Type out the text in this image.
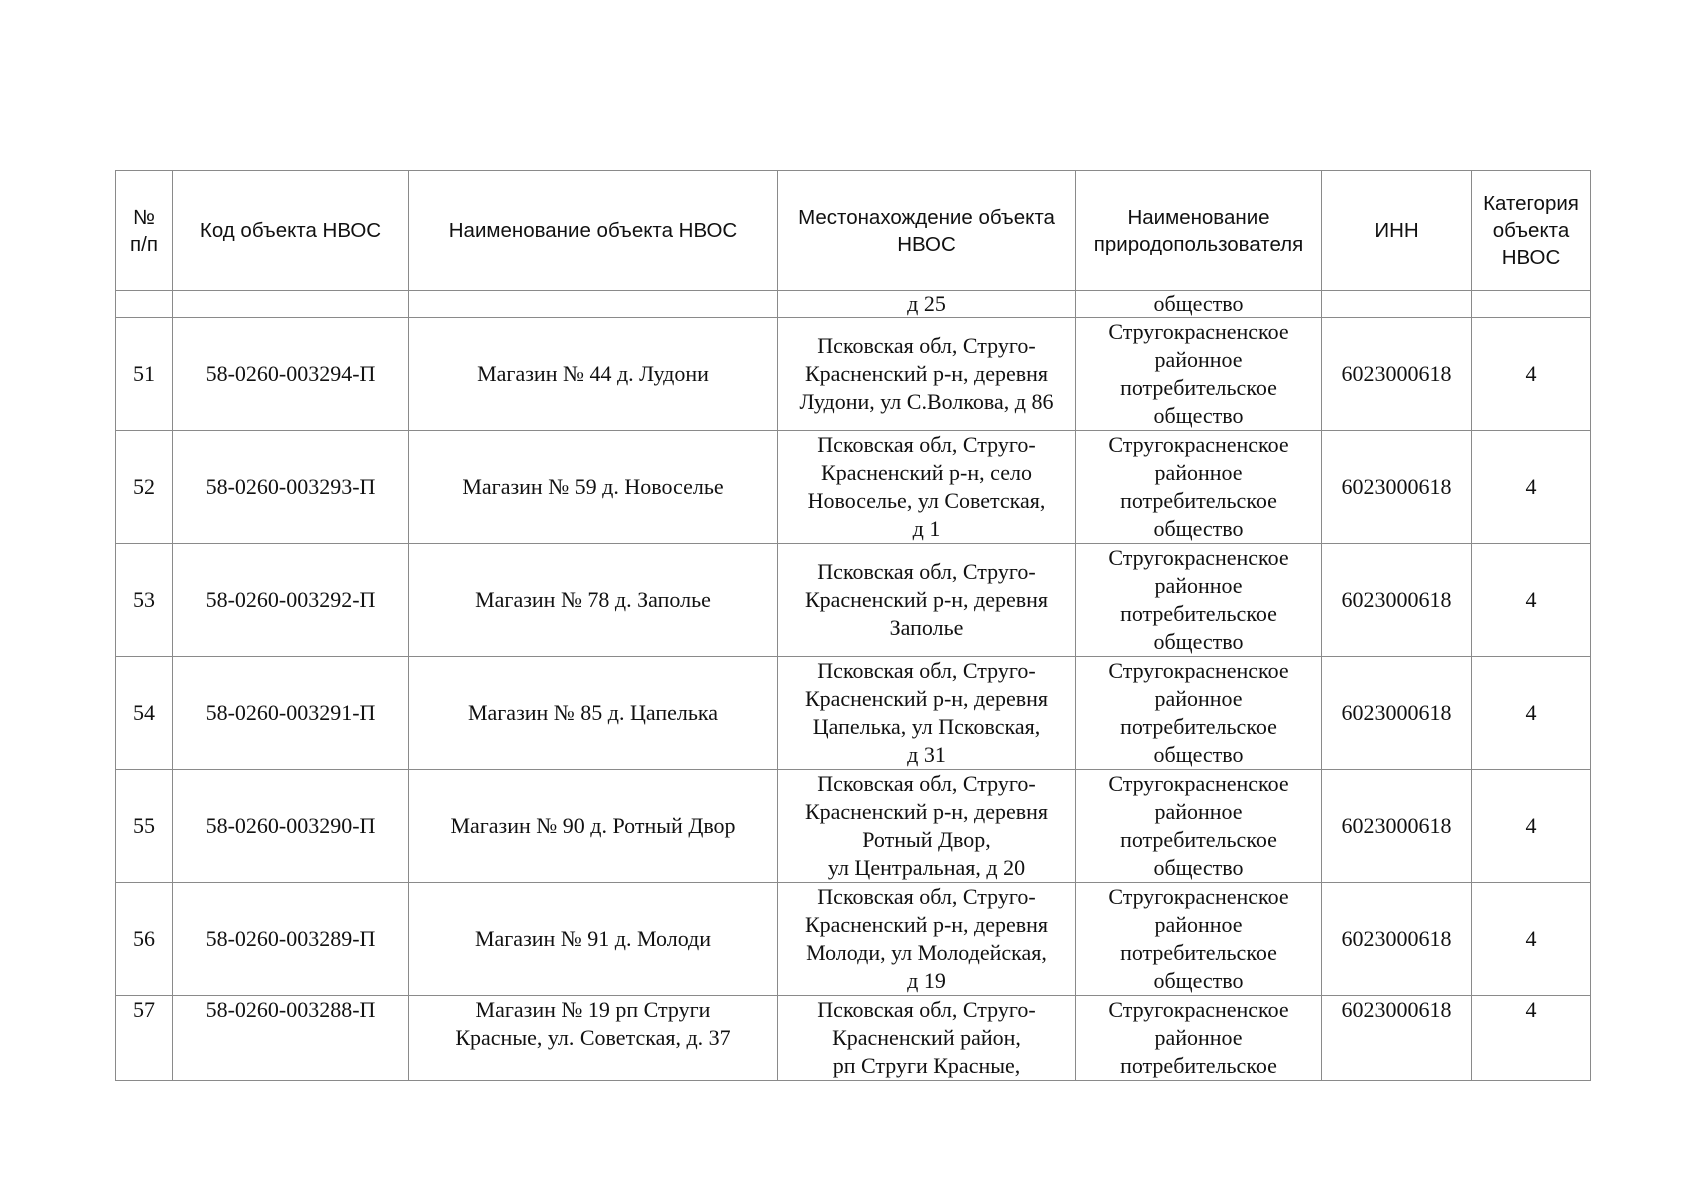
№
п/п	Код объекта НВОС	Наименование объекта НВОС	Местонахождение объекта
НВОС	Наименование
природопользователя	ИНН	Категория
объекта
НВОС

			д 25	общество		

51	58-0260-003294-П	Магазин № 44 д. Лудони	Псковская обл, Струго-
Красненский р-н, деревня
Лудони, ул С.Волкова, д 86	Стругокрасненское
районное
потребительское
общество	6023000618	4

52	58-0260-003293-П	Магазин № 59 д. Новоселье	Псковская обл, Струго-
Красненский р-н, село
Новоселье, ул Советская,
д 1	Стругокрасненское
районное
потребительское
общество	6023000618	4

53	58-0260-003292-П	Магазин № 78 д. Заполье	Псковская обл, Струго-
Красненский р-н, деревня
Заполье	Стругокрасненское
районное
потребительское
общество	6023000618	4

54	58-0260-003291-П	Магазин № 85 д. Цапелька	Псковская обл, Струго-
Красненский р-н, деревня
Цапелька, ул Псковская,
д 31	Стругокрасненское
районное
потребительское
общество	6023000618	4

55	58-0260-003290-П	Магазин № 90 д. Ротный Двор	Псковская обл, Струго-
Красненский р-н, деревня
Ротный Двор,
ул Центральная, д 20	Стругокрасненское
районное
потребительское
общество	6023000618	4

56	58-0260-003289-П	Магазин № 91 д. Молоди	Псковская обл, Струго-
Красненский р-н, деревня
Молоди, ул Молодейская,
д 19	Стругокрасненское
районное
потребительское
общество	6023000618	4

57	58-0260-003288-П	Магазин № 19 рп Струги
Красные, ул. Советская, д. 37	Псковская обл, Струго-
Красненский район,
рп Струги Красные,	Стругокрасненское
районное
потребительское	6023000618	4
